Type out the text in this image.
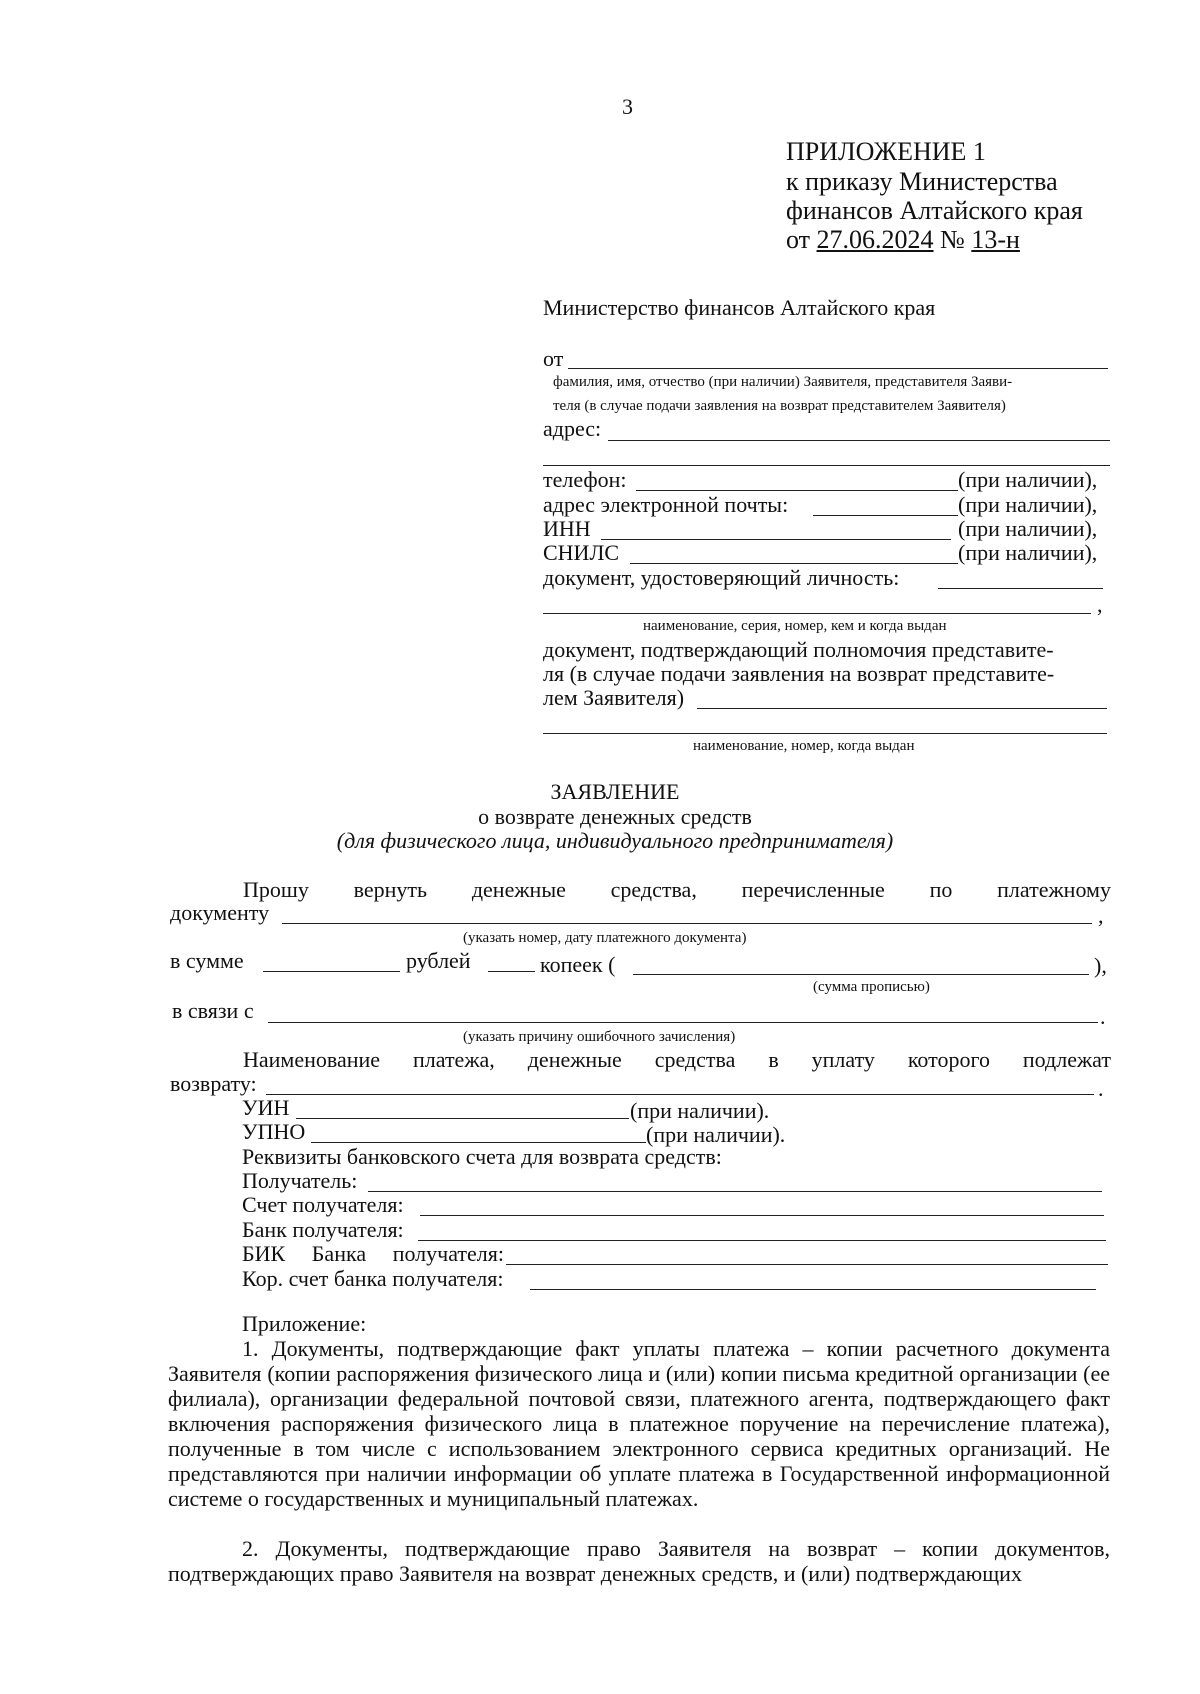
3
ПРИЛОЖЕНИЕ 1
к приказу Министерства
финансов Алтайского края
от 27.06.2024 № 13-н
Министерство финансов Алтайского края
от
фамилия, имя, отчество (при наличии) Заявителя, представителя Заяви-
теля (в случае подачи заявления на возврат представителем Заявителя)
адрес:
телефон:	(при наличии),
адрес электронной почты:	(при наличии),
ИНН	(при наличии),
СНИЛС	(при наличии),
документ, удостоверяющий личность:
,
наименование, серия, номер, кем и когда выдан
документ, подтверждающий полномочия представите-
ля (в случае подачи заявления на возврат представите-
лем Заявителя)
наименование, номер, когда выдан
ЗАЯВЛЕНИЕ
о возврате денежных средств
(для физического лица, индивидуального предпринимателя)
Прошу вернуть денежные средства, перечисленные по платежному
документу	,
(указать номер, дату платежного документа)
в сумме	рублей	копеек (	),
(сумма прописью)
в связи с	.
(указать причину ошибочного зачисления)
Наименование платежа, денежные средства в уплату которого подлежат
возврату:	.
УИН	(при наличии).
УПНО	(при наличии).
Реквизиты банковского счета для возврата средств:
Получатель:
Счет получателя:
Банк получателя:
БИК Банка получателя:
Кор. счет банка получателя:
Приложение:
1. Документы, подтверждающие факт уплаты платежа – копии расчетного документа Заявителя (копии распоряжения физического лица и (или) копии письма кредитной организации (ее филиала), организации федеральной почтовой связи, платежного агента, подтверждающего факт включения распоряжения физического лица в платежное поручение на перечисление платежа), полученные в том числе с использованием электронного сервиса кредитных организаций. Не представляются при наличии информации об уплате платежа в Государственной информационной системе о государственных и муниципальный платежах.
2. Документы, подтверждающие право Заявителя на возврат – копии документов, подтверждающих право Заявителя на возврат денежных средств, и (или) подтверждающих
